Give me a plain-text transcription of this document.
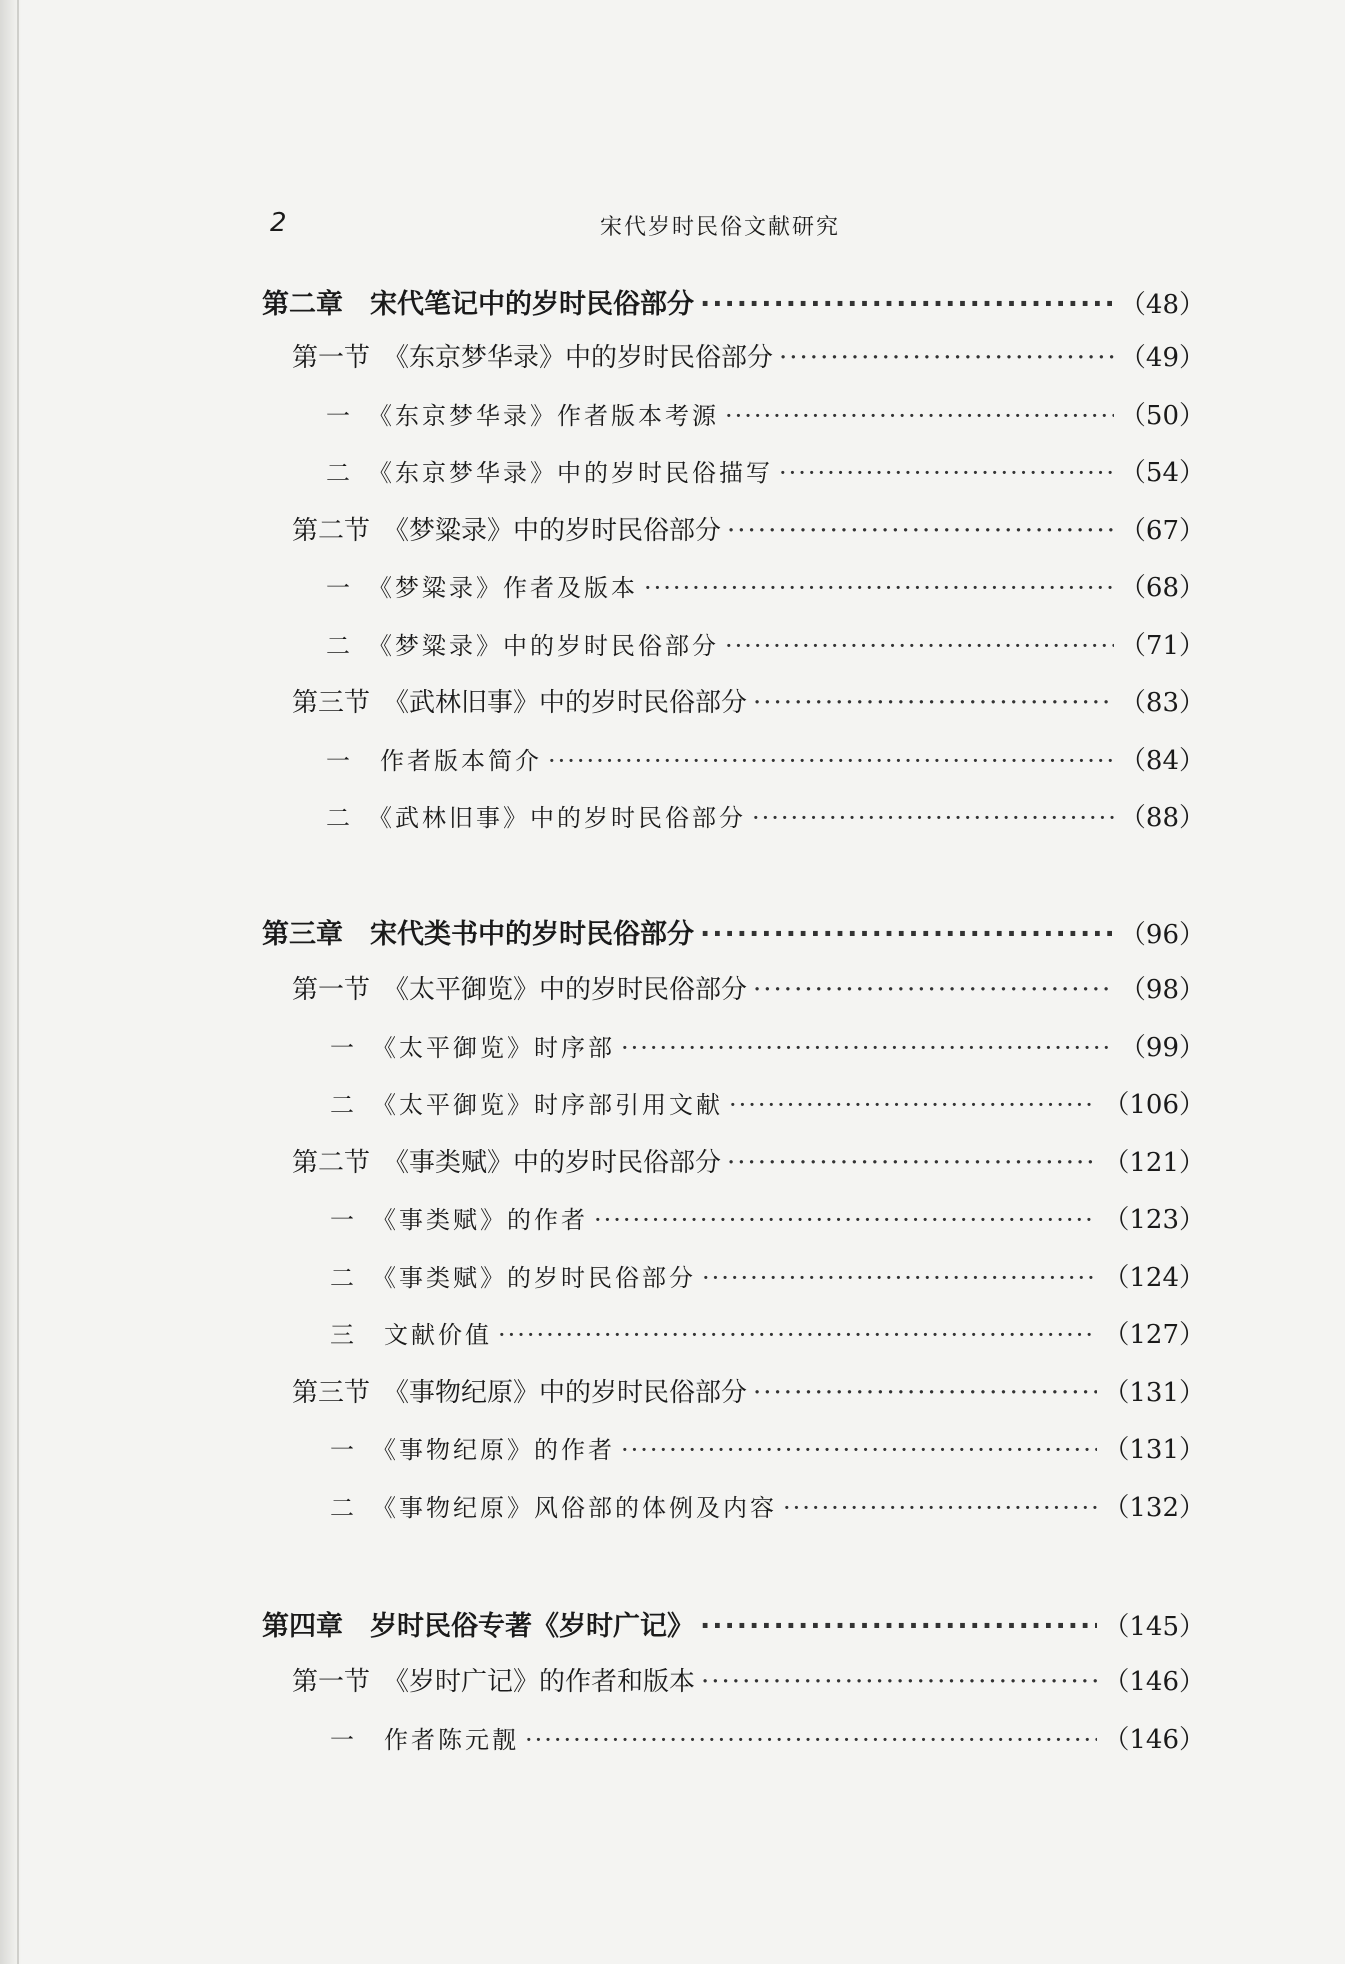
2	宋代岁时民俗文献研究
第二章　宋代笔记中的岁时民俗部分 ·····	（48）
第一节　《东京梦华录》中的岁时民俗部分 ·····	（49）
一　《东京梦华录》作者版本考源 ·····	（50）
二　《东京梦华录》中的岁时民俗描写 ·····	（54）
第二节　《梦粱录》中的岁时民俗部分 ·····	（67）
一　《梦粱录》作者及版本 ·····	（68）
二　《梦粱录》中的岁时民俗部分 ·····	（71）
第三节　《武林旧事》中的岁时民俗部分 ·····	（83）
一　作者版本简介 ·····	（84）
二　《武林旧事》中的岁时民俗部分 ·····	（88）
第三章　宋代类书中的岁时民俗部分 ·····	（96）
第一节　《太平御览》中的岁时民俗部分 ·····	（98）
一　《太平御览》时序部 ·····	（99）
二　《太平御览》时序部引用文献 ·····	（106）
第二节　《事类赋》中的岁时民俗部分 ·····	（121）
一　《事类赋》的作者 ·····	（123）
二　《事类赋》的岁时民俗部分 ·····	（124）
三　文献价值 ·····	（127）
第三节　《事物纪原》中的岁时民俗部分 ·····	（131）
一　《事物纪原》的作者 ·····	（131）
二　《事物纪原》风俗部的体例及内容 ·····	（132）
第四章　岁时民俗专著《岁时广记》 ·····	（145）
第一节　《岁时广记》的作者和版本 ·····	（146）
一　作者陈元靓 ·····	（146）
